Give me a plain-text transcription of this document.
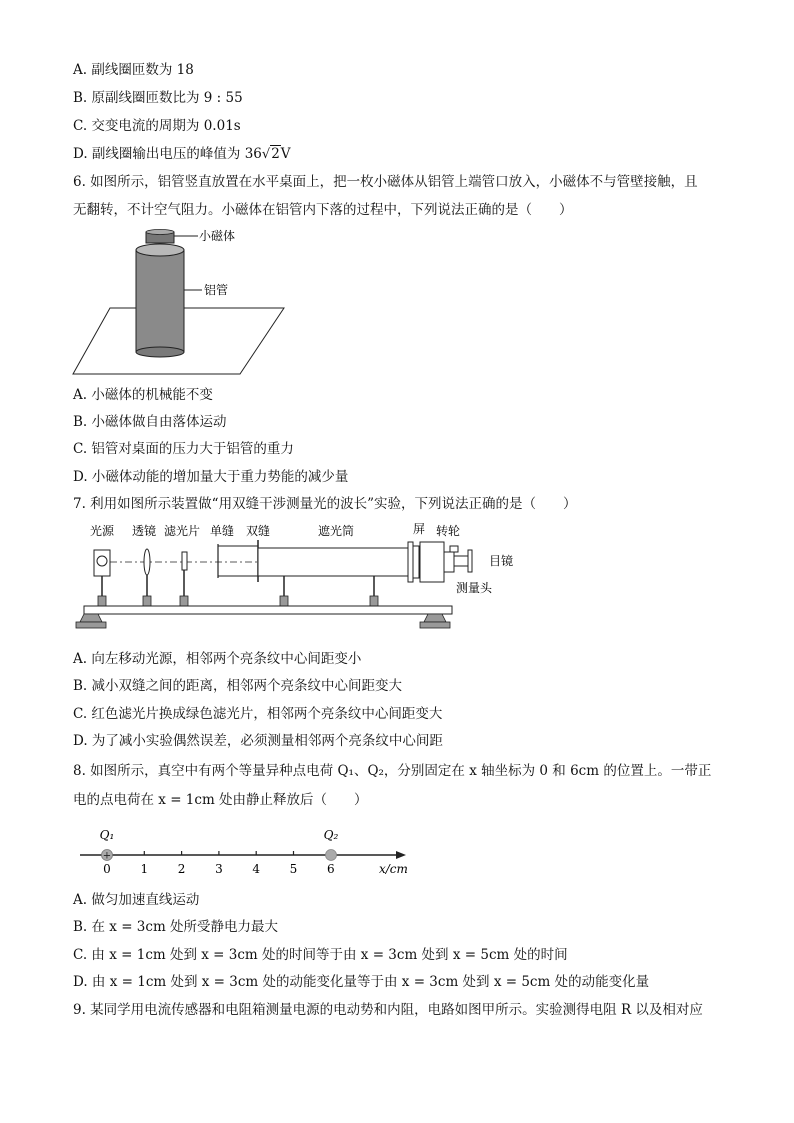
A. 副线圈匝数为 18
B. 原副线圈匝数比为 9 : 55
C. 交变电流的周期为 0.01s
D. 副线圈输出电压的峰值为 36√2V
6. 如图所示，铝管竖直放置在水平桌面上，把一枚小磁体从铝管上端管口放入，小磁体不与管壁接触，且
无翻转，不计空气阻力。小磁体在铝管内下落的过程中，下列说法正确的是（　　）
小磁体
铝管
A. 小磁体的机械能不变
B. 小磁体做自由落体运动
C. 铝管对桌面的压力大于铝管的重力
D. 小磁体动能的增加量大于重力势能的减少量
7. 利用如图所示装置做“用双缝干涉测量光的波长”实验，下列说法正确的是（　　）
光源 透镜 滤光片 单缝 双缝	遮光筒	屏 转轮
目镜
测量头
A. 向左移动光源，相邻两个亮条纹中心间距变小
B. 减小双缝之间的距离，相邻两个亮条纹中心间距变大
C. 红色滤光片换成绿色滤光片，相邻两个亮条纹中心间距变大
D. 为了减小实验偶然误差，必须测量相邻两个亮条纹中心间距
8. 如图所示，真空中有两个等量异种点电荷 Q₁、Q₂，分别固定在 x 轴坐标为 0 和 6cm 的位置上。一带正
电的点电荷在 x = 1cm 处由静止释放后（　　）
0 1 2 3 4 5 6
+
Q₁	Q₂
x/cm
A. 做匀加速直线运动
B. 在 x = 3cm 处所受静电力最大
C. 由 x = 1cm 处到 x = 3cm 处的时间等于由 x = 3cm 处到 x = 5cm 处的时间
D. 由 x = 1cm 处到 x = 3cm 处的动能变化量等于由 x = 3cm 处到 x = 5cm 处的动能变化量
9. 某同学用电流传感器和电阻箱测量电源的电动势和内阻，电路如图甲所示。实验测得电阻 R 以及相对应
